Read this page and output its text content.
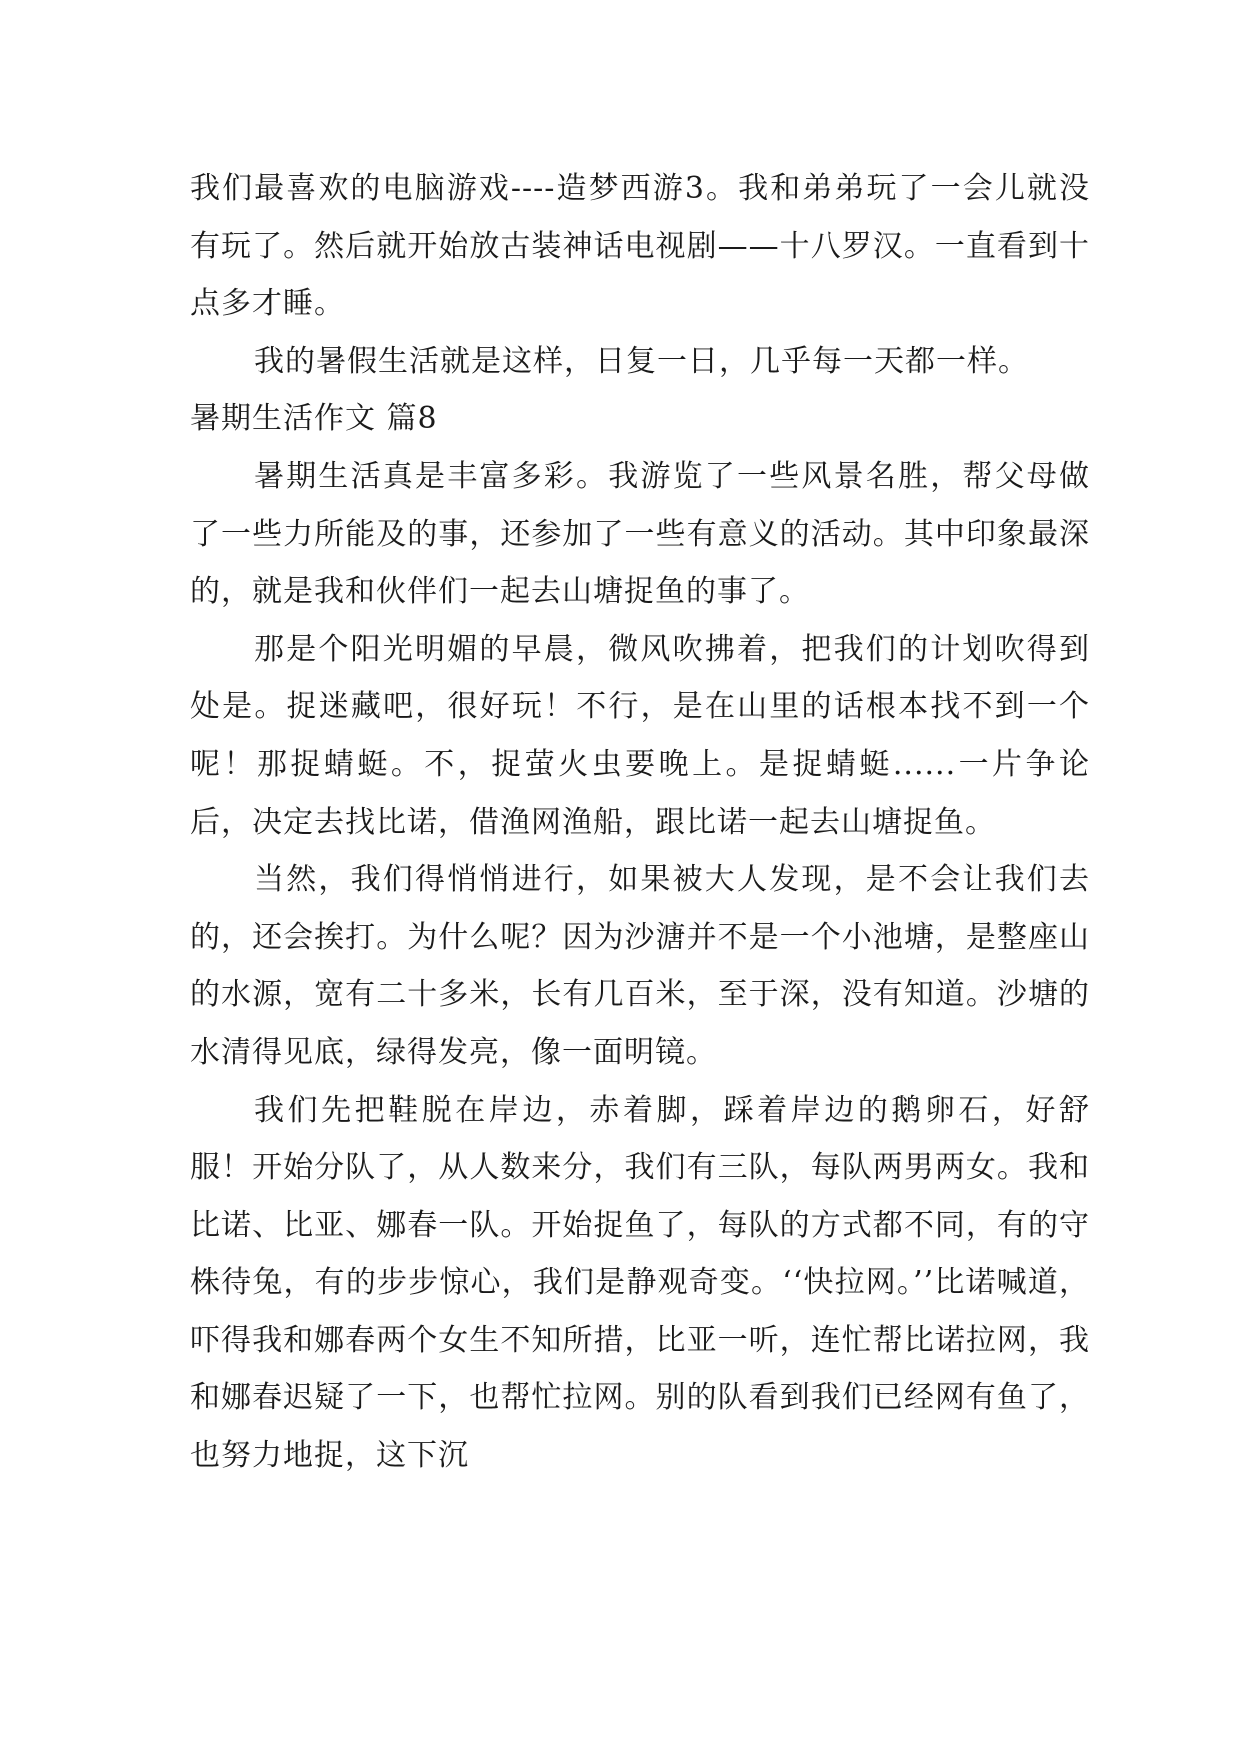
我们最喜欢的电脑游戏----造梦西游3。我和弟弟玩了一会儿就没有玩了。然后就开始放古装神话电视剧——十八罗汉。一直看到十点多才睡。

我的暑假生活就是这样，日复一日，几乎每一天都一样。

暑期生活作文 篇8

暑期生活真是丰富多彩。我游览了一些风景名胜，帮父母做了一些力所能及的事，还参加了一些有意义的活动。其中印象最深的，就是我和伙伴们一起去山塘捉鱼的事了。

那是个阳光明媚的早晨，微风吹拂着，把我们的计划吹得到处是。捉迷藏吧，很好玩！不行，是在山里的话根本找不到一个呢！那捉蜻蜓。不，捉萤火虫要晚上。是捉蜻蜓......一片争论后，决定去找比诺，借渔网渔船，跟比诺一起去山塘捉鱼。

当然，我们得悄悄进行，如果被大人发现，是不会让我们去的，还会挨打。为什么呢？因为沙溏并不是一个小池塘，是整座山的水源，宽有二十多米，长有几百米，至于深，没有知道。沙塘的水清得见底，绿得发亮，像一面明镜。

我们先把鞋脱在岸边，赤着脚，踩着岸边的鹅卵石，好舒服！开始分队了，从人数来分，我们有三队，每队两男两女。我和比诺、比亚、娜春一队。开始捉鱼了，每队的方式都不同，有的守株待兔，有的步步惊心，我们是静观奇变。‘‘快拉网。’’比诺喊道，吓得我和娜春两个女生不知所措，比亚一听，连忙帮比诺拉网，我和娜春迟疑了一下，也帮忙拉网。别的队看到我们已经网有鱼了，也努力地捉，这下沉
